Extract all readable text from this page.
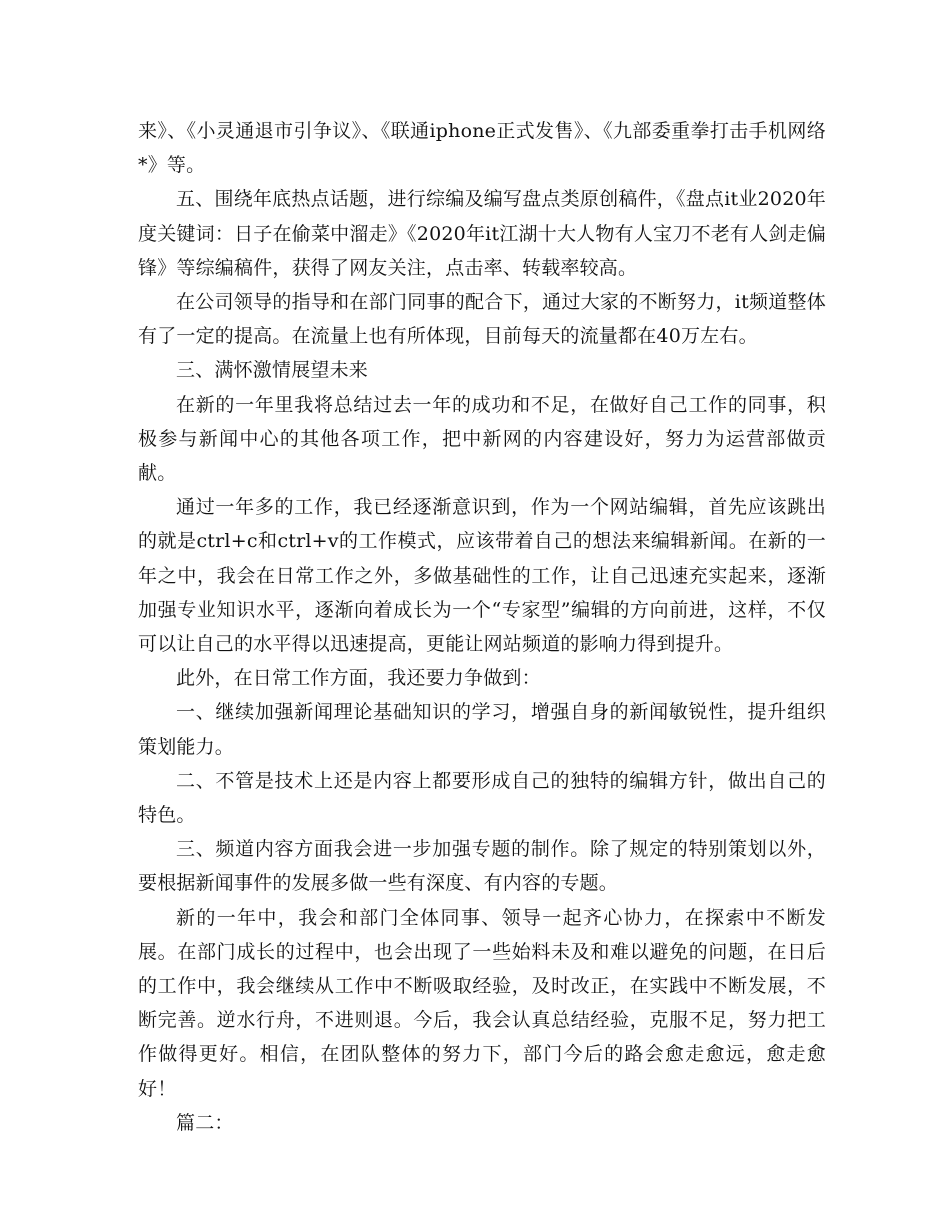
来》、《小灵通退市引争议》、《联通iphone正式发售》、《九部委重拳打击手机网络*》等。

五、围绕年底热点话题，进行综编及编写盘点类原创稿件，《盘点it业2020年度关键词：日子在偷菜中溜走》《2020年it江湖十大人物有人宝刀不老有人剑走偏锋》等综编稿件，获得了网友关注，点击率、转载率较高。

在公司领导的指导和在部门同事的配合下，通过大家的不断努力，it频道整体有了一定的提高。在流量上也有所体现，目前每天的流量都在40万左右。

三、满怀激情展望未来

在新的一年里我将总结过去一年的成功和不足，在做好自己工作的同事，积极参与新闻中心的其他各项工作，把中新网的内容建设好，努力为运营部做贡献。

通过一年多的工作，我已经逐渐意识到，作为一个网站编辑，首先应该跳出的就是ctrl+c和ctrl+v的工作模式，应该带着自己的想法来编辑新闻。在新的一年之中，我会在日常工作之外，多做基础性的工作，让自己迅速充实起来，逐渐加强专业知识水平，逐渐向着成长为一个“专家型”编辑的方向前进，这样，不仅可以让自己的水平得以迅速提高，更能让网站频道的影响力得到提升。

此外，在日常工作方面，我还要力争做到：

一、继续加强新闻理论基础知识的学习，增强自身的新闻敏锐性，提升组织策划能力。

二、不管是技术上还是内容上都要形成自己的独特的编辑方针，做出自己的特色。

三、频道内容方面我会进一步加强专题的制作。除了规定的特别策划以外，要根据新闻事件的发展多做一些有深度、有内容的专题。

新的一年中，我会和部门全体同事、领导一起齐心协力，在探索中不断发展。在部门成长的过程中，也会出现了一些始料未及和难以避免的问题，在日后的工作中，我会继续从工作中不断吸取经验，及时改正，在实践中不断发展，不断完善。逆水行舟，不进则退。今后，我会认真总结经验，克服不足，努力把工作做得更好。相信，在团队整体的努力下，部门今后的路会愈走愈远，愈走愈好！

篇二：
